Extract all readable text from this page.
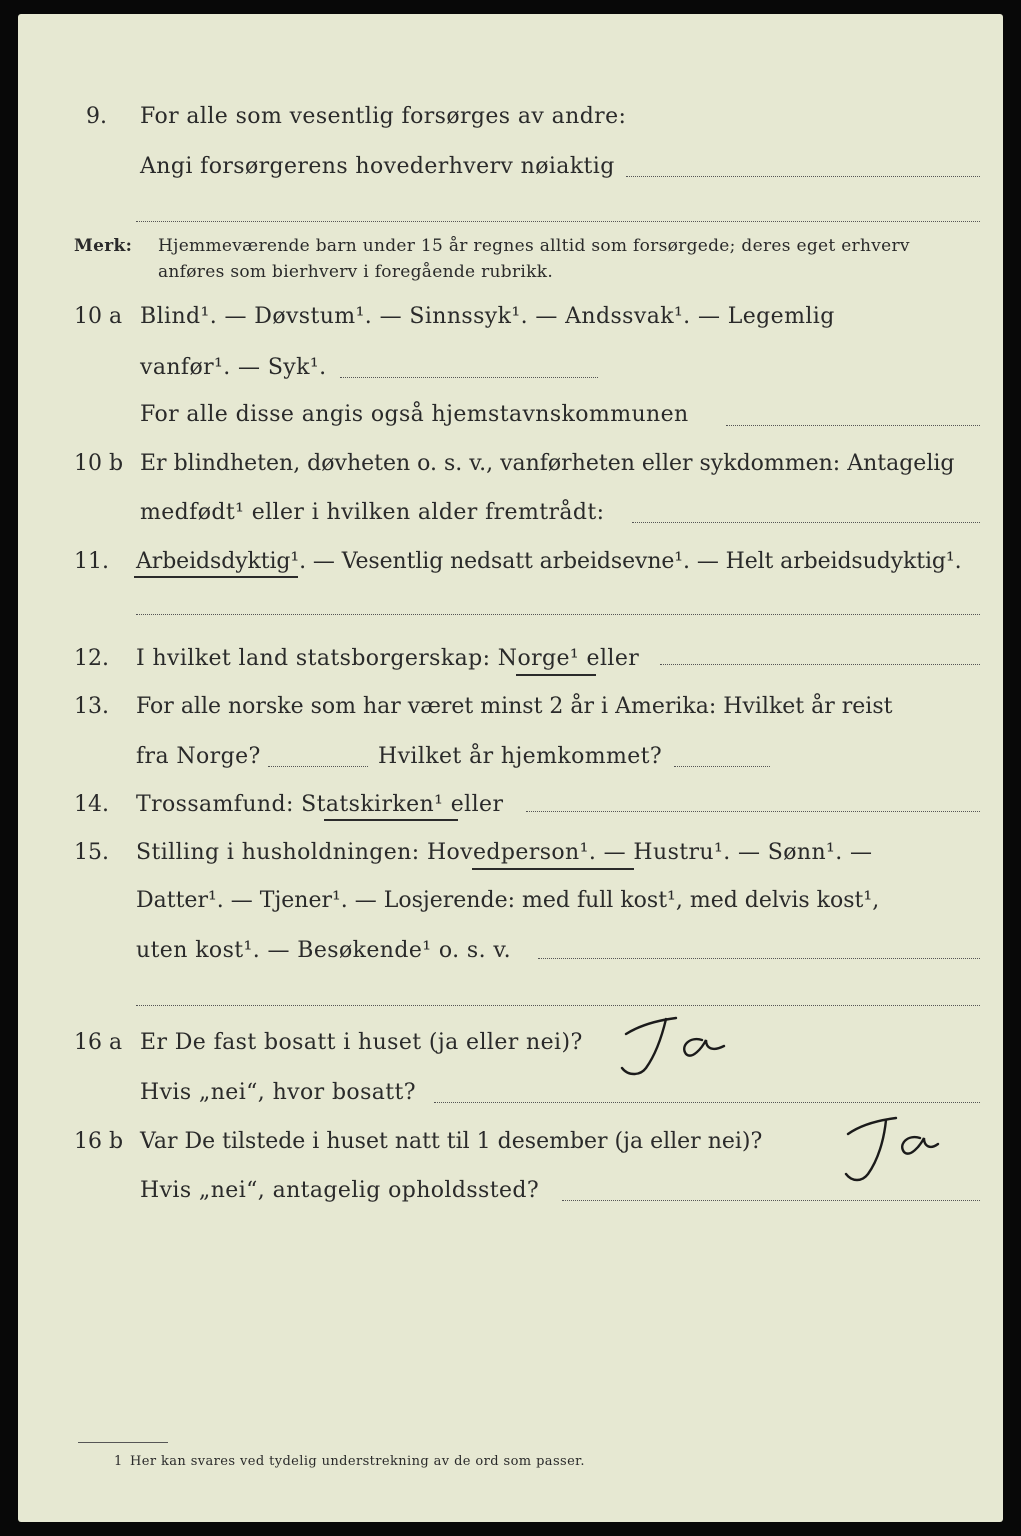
9. For alle som vesentlig forsørges av andre:
Angi forsørgerens hovederhverv nøiaktig
Merk: Hjemmeværende barn under 15 år regnes alltid som forsørgede; deres eget erhverv
anføres som bierhverv i foregående rubrikk.
10 a Blind¹. — Døvstum¹. — Sinnssyk¹. — Andssvak¹. — Legemlig
vanfør¹. — Syk¹.
For alle disse angis også hjemstavnskommunen
10 b Er blindheten, døvheten o. s. v., vanførheten eller sykdommen: Antagelig
medfødt¹ eller i hvilken alder fremtrådt:
11. Arbeidsdyktig¹. — Vesentlig nedsatt arbeidsevne¹. — Helt arbeidsudyktig¹.
12. I hvilket land statsborgerskap: Norge¹ eller
13. For alle norske som har været minst 2 år i Amerika: Hvilket år reist
fra Norge?	Hvilket år hjemkommet?
14. Trossamfund: Statskirken¹ eller
15. Stilling i husholdningen: Hovedperson¹. — Hustru¹. — Sønn¹. —
Datter¹. — Tjener¹. — Losjerende: med full kost¹, med delvis kost¹,
uten kost¹. — Besøkende¹ o. s. v.
16 a Er De fast bosatt i huset (ja eller nei)?
Hvis „nei“, hvor bosatt?
16 b Var De tilstede i huset natt til 1 desember (ja eller nei)?
Hvis „nei“, antagelig opholdssted?
1 Her kan svares ved tydelig understrekning av de ord som passer.
